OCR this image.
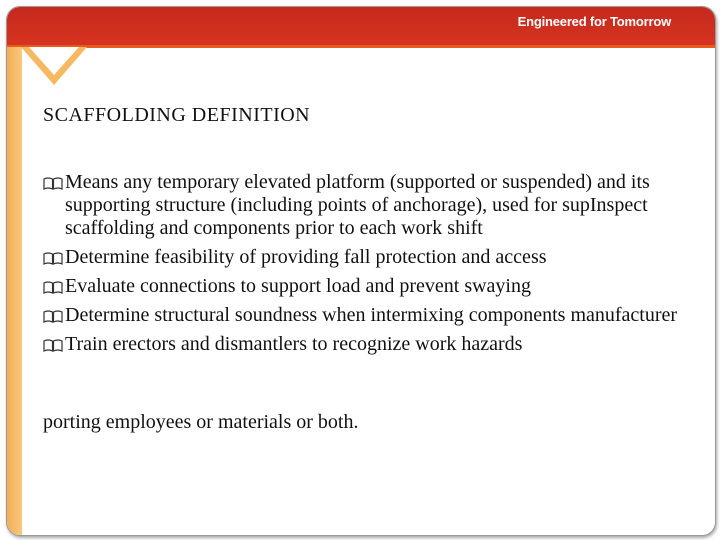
Engineered for Tomorrow
SCAFFOLDING DEFINITION
Means any temporary elevated platform (supported or suspended) and its supporting structure (including points of anchorage), used for supInspect scaffolding and components prior to each work shift
Determine feasibility of providing fall protection and access
Evaluate connections to support load and prevent swaying
Determine structural soundness when intermixing components manufacturer
Train erectors and dismantlers to recognize work hazards
porting employees or materials or both.
